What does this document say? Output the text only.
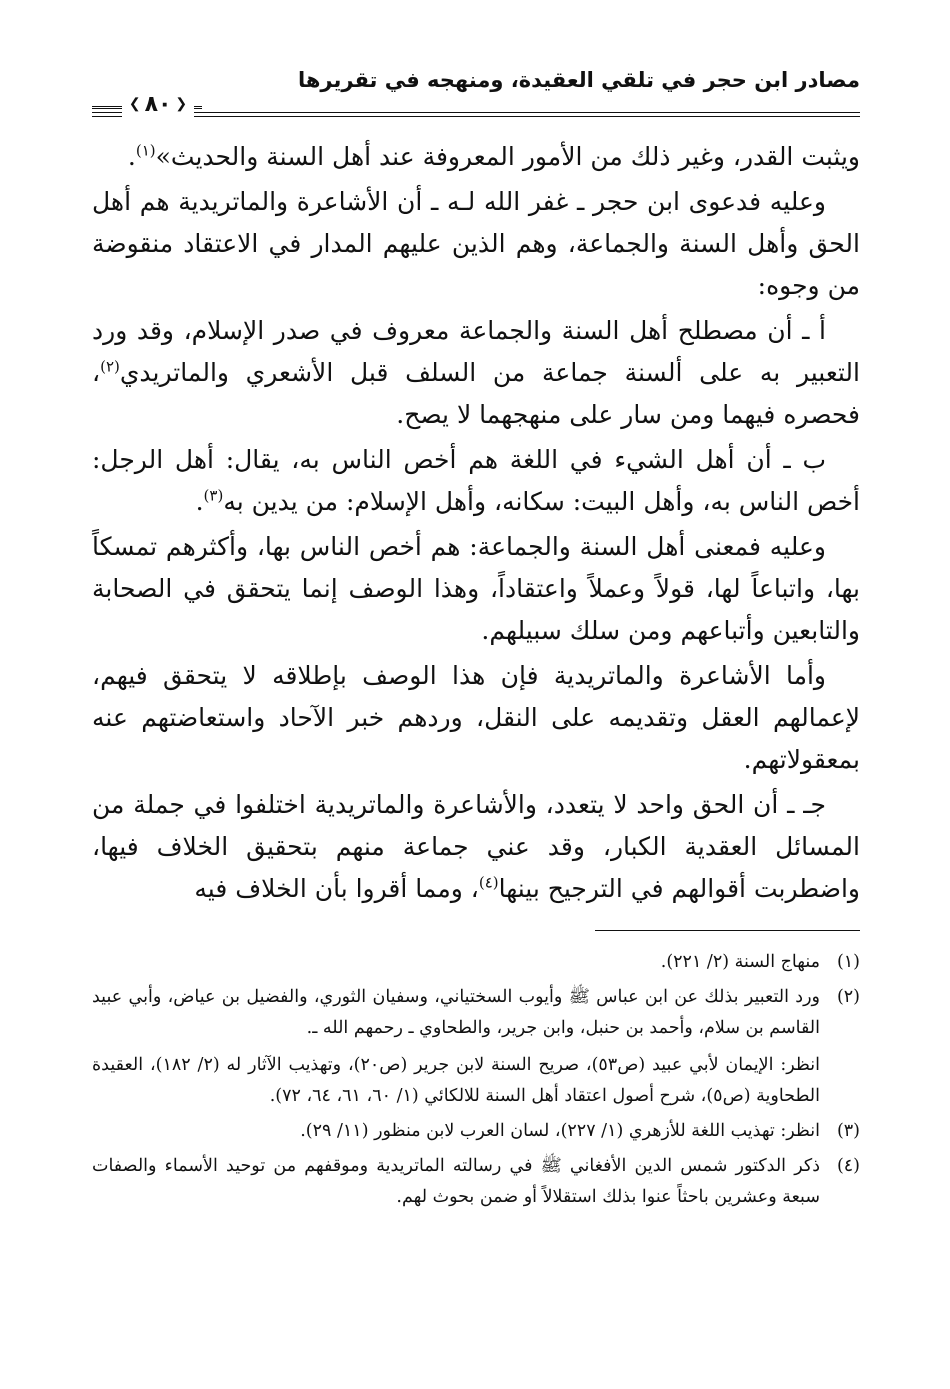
مصادر ابن حجر في تلقي العقيدة، ومنهجه في تقريرها
❮ ٨٠ ❯

ويثبت القدر، وغير ذلك من الأمور المعروفة عند أهل السنة والحديث»$^{(١)}$.

وعليه فدعوى ابن حجر ـ غفر الله لـه ـ أن الأشاعرة والماتريدية هم أهل الحق وأهل السنة والجماعة، وهم الذين عليهم المدار في الاعتقاد منقوضة من وجوه:

أ ـ أن مصطلح أهل السنة والجماعة معروف في صدر الإسلام، وقد ورد التعبير به على ألسنة جماعة من السلف قبل الأشعري والماتريدي$^{(٢)}$، فحصره فيهما ومن سار على منهجهما لا يصح.

ب ـ أن أهل الشيء في اللغة هم أخص الناس به، يقال: أهل الرجل: أخص الناس به، وأهل البيت: سكانه، وأهل الإسلام: من يدين به$^{(٣)}$.

وعليه فمعنى أهل السنة والجماعة: هم أخص الناس بها، وأكثرهم تمسكاً بها، واتباعاً لها، قولاً وعملاً واعتقاداً، وهذا الوصف إنما يتحقق في الصحابة والتابعين وأتباعهم ومن سلك سبيلهم.

وأما الأشاعرة والماتريدية فإن هذا الوصف بإطلاقه لا يتحقق فيهم، لإعمالهم العقل وتقديمه على النقل، وردهم خبر الآحاد واستعاضتهم عنه بمعقولاتهم.

جـ ـ أن الحق واحد لا يتعدد، والأشاعرة والماتريدية اختلفوا في جملة من المسائل العقدية الكبار، وقد عني جماعة منهم بتحقيق الخلاف فيها، واضطربت أقوالهم في الترجيح بينها$^{(٤)}$، ومما أقروا بأن الخلاف فيه

(١)

منهاج السنة (٢/ ٢٢١).

(٢)

ورد التعبير بذلك عن ابن عباس ﷺ وأيوب السختياني، وسفيان الثوري، والفضيل بن عياض، وأبي عبيد القاسم بن سلام، وأحمد بن حنبل، وابن جرير، والطحاوي ـ رحمهم الله ـ.

انظر: الإيمان لأبي عبيد (ص٥٣)، صريح السنة لابن جرير (ص٢٠)، وتهذيب الآثار له (٢/ ١٨٢)، العقيدة الطحاوية (ص٥)، شرح أصول اعتقاد أهل السنة للالكائي (١/ ٦٠، ٦١، ٦٤، ٧٢).

(٣)

انظر: تهذيب اللغة للأزهري (١/ ٢٢٧)، لسان العرب لابن منظور (١١/ ٢٩).

(٤)

ذكر الدكتور شمس الدين الأفغاني ﷺ في رسالته الماتريدية وموقفهم من توحيد الأسماء والصفات سبعة وعشرين باحثاً عنوا بذلك استقلالاً أو ضمن بحوث لهم.
